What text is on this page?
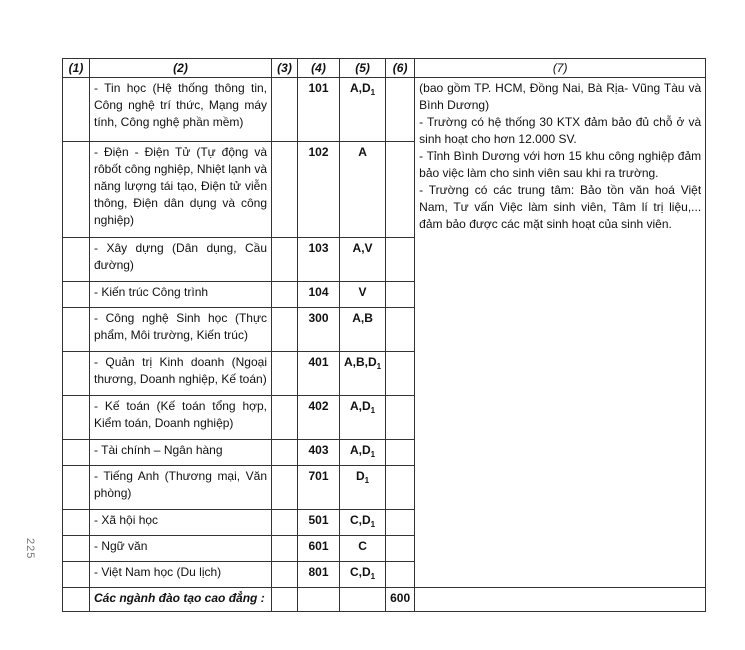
225
(1)	(2)	(3)	(4)	(5)	(6)	(7)
	- Tin học (Hệ thống thông tin, Công nghệ trí thức, Mạng máy tính, Công nghệ phần mềm)		101	$A,D_1$		(bao gồm TP. HCM, Đồng Nai, Bà Rịa- Vũng Tàu và Bình Dương)

- Trường có hệ thống 30 KTX đảm bảo đủ chỗ ở và sinh hoạt cho hơn 12.000 SV.

- Tỉnh Bình Dương với hơn 15 khu công nghiệp đảm bảo việc làm cho sinh viên sau khi ra trường.

- Trường có các trung tâm: Bảo tồn văn hoá Việt Nam, Tư vấn Việc làm sinh viên, Tâm lí trị liệu,... đảm bảo được các mặt sinh hoạt của sinh viên.

	- Điện - Điện Tử (Tự động và rôbốt công nghiệp, Nhiệt lạnh và năng lượng tái tạo, Điện tử viễn thông, Điện dân dụng và công nghiệp)		102	A		
	- Xây dựng (Dân dụng, Cầu đường)		103	A,V		
	- Kiến trúc Công trình		104	V		
	- Công nghệ Sinh học (Thực phẩm, Môi trường, Kiến trúc)		300	A,B		
	- Quản trị Kinh doanh (Ngoại thương, Doanh nghiệp, Kế toán)		401	$A,B,D_1$	
	- Kế toán (Kế toán tổng hợp, Kiểm toán, Doanh nghiệp)		402	$A,D_1$	
	- Tài chính – Ngân hàng		403	$A,D_1$	
	- Tiếng Anh (Thương mại, Văn phòng)		701	$D_1$	
	- Xã hội học		501	$C,D_1$	
	- Ngữ văn		601	C		
	- Việt Nam học (Du lịch)		801	$C,D_1$	
	Các ngành đào tạo cao đẳng :				600	
